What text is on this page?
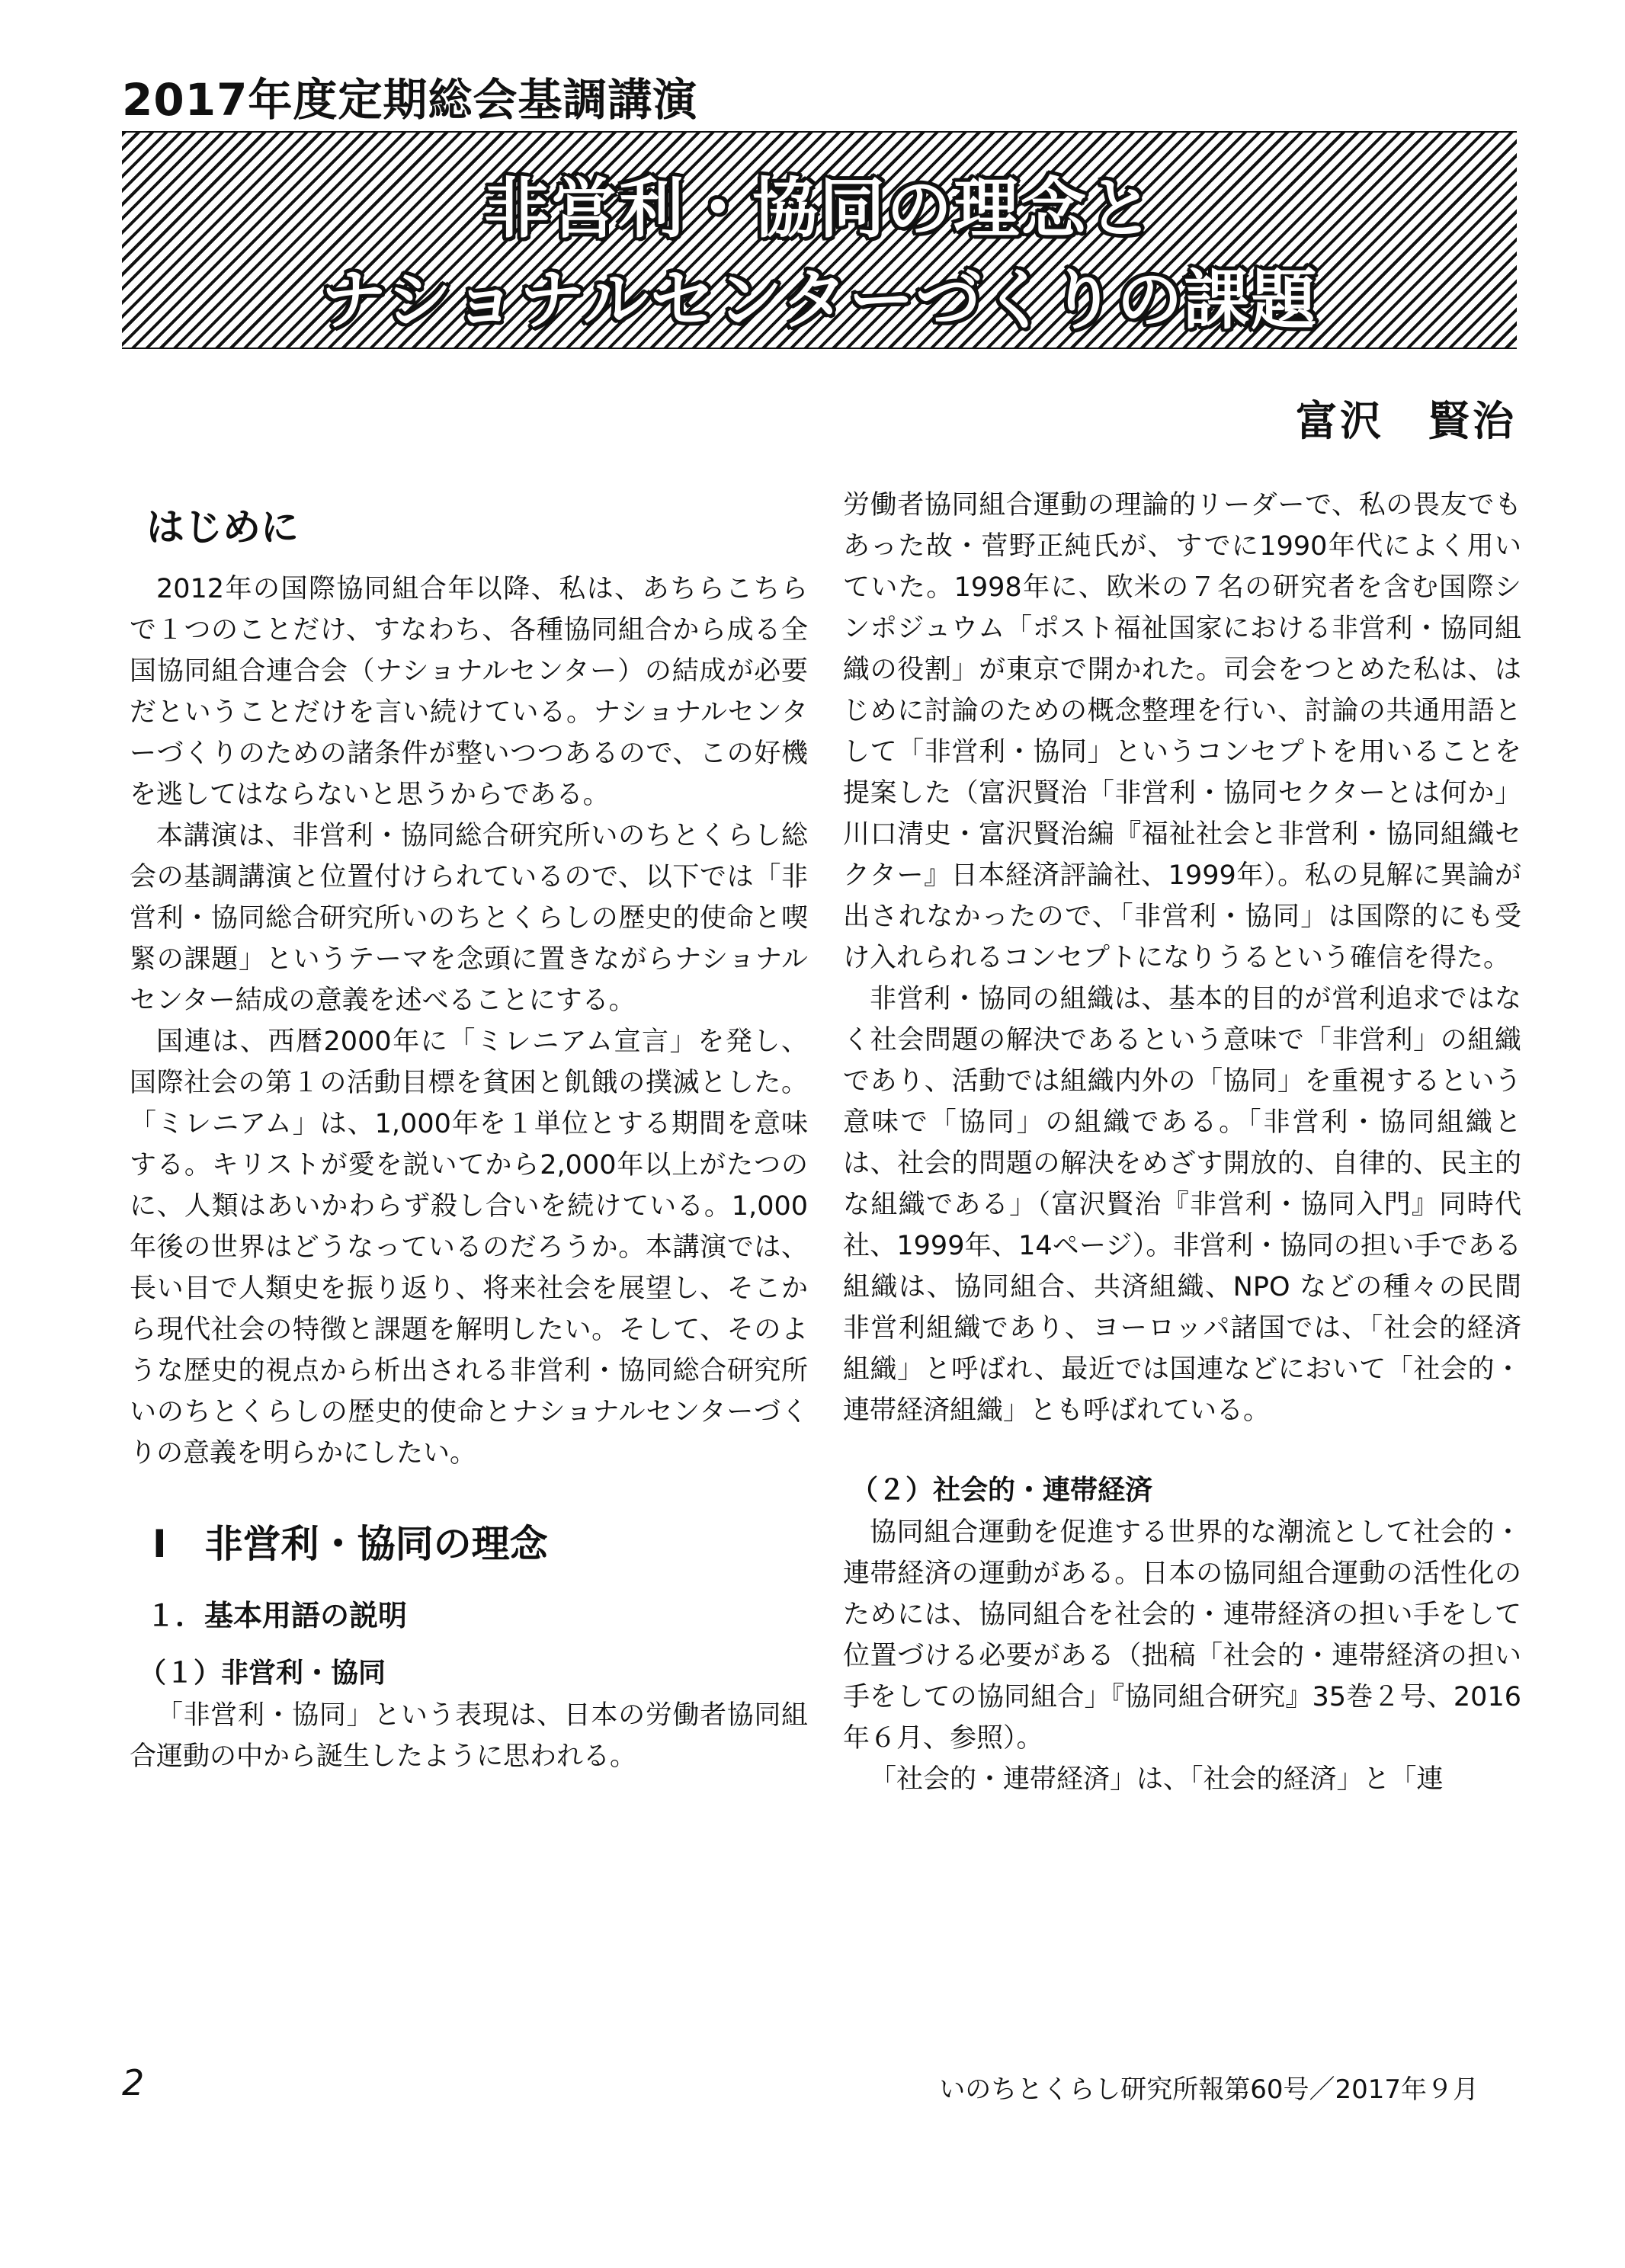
2017年度定期総会基調講演
非営利・協同の理念と
ナショナルセンターづくりの課題
富沢　賢治
はじめに

2012年の国際協同組合年以降、私は、あちらこちらで１つのことだけ、すなわち、各種協同組合から成る全国協同組合連合会（ナショナルセンター）の結成が必要だということだけを言い続けている。ナショナルセンターづくりのための諸条件が整いつつあるので、この好機を逃してはならないと思うからである。

本講演は、非営利・協同総合研究所いのちとくらし総会の基調講演と位置付けられているので、以下では「非営利・協同総合研究所いのちとくらしの歴史的使命と喫緊の課題」というテーマを念頭に置きながらナショナルセンター結成の意義を述べることにする。

国連は、西暦2000年に「ミレニアム宣言」を発し、国際社会の第１の活動目標を貧困と飢餓の撲滅とした。「ミレニアム」は、1,000年を１単位とする期間を意味する。キリストが愛を説いてから2,000年以上がたつのに、人類はあいかわらず殺し合いを続けている。1,000年後の世界はどうなっているのだろうか。本講演では、長い目で人類史を振り返り、将来社会を展望し、そこから現代社会の特徴と課題を解明したい。そして、そのような歴史的視点から析出される非営利・協同総合研究所いのちとくらしの歴史的使命とナショナルセンターづくりの意義を明らかにしたい。

Ⅰ　非営利・協同の理念
１．基本用語の説明
（１）非営利・協同

「非営利・協同」という表現は、日本の労働者協同組合運動の中から誕生したように思われる。

労働者協同組合運動の理論的リーダーで、私の畏友でもあった故・菅野正純氏が、すでに1990年代によく用いていた。1998年に、欧米の７名の研究者を含む国際シンポジュウム「ポスト福祉国家における非営利・協同組織の役割」が東京で開かれた。司会をつとめた私は、はじめに討論のための概念整理を行い、討論の共通用語として「非営利・協同」というコンセプトを用いることを提案した（富沢賢治「非営利・協同セクターとは何か」川口清史・富沢賢治編『福祉社会と非営利・協同組織セクター』日本経済評論社、1999年）。私の見解に異論が出されなかったので、「非営利・協同」は国際的にも受け入れられるコンセプトになりうるという確信を得た。

非営利・協同の組織は、基本的目的が営利追求ではなく社会問題の解決であるという意味で「非営利」の組織であり、活動では組織内外の「協同」を重視するという意味で「協同」の組織である。「非営利・協同組織とは、社会的問題の解決をめざす開放的、自律的、民主的な組織である」（富沢賢治『非営利・協同入門』同時代社、1999年、14ページ）。非営利・協同の担い手である組織は、協同組合、共済組織、NPO などの種々の民間非営利組織であり、ヨーロッパ諸国では、「社会的経済組織」と呼ばれ、最近では国連などにおいて「社会的・連帯経済組織」とも呼ばれている。

（２）社会的・連帯経済

協同組合運動を促進する世界的な潮流として社会的・連帯経済の運動がある。日本の協同組合運動の活性化のためには、協同組合を社会的・連帯経済の担い手をして位置づける必要がある（拙稿「社会的・連帯経済の担い手をしての協同組合」『協同組合研究』35巻２号、2016年６月、参照）。

「社会的・連帯経済」は、「社会的経済」と「連

2	いのちとくらし研究所報第60号／2017年９月
